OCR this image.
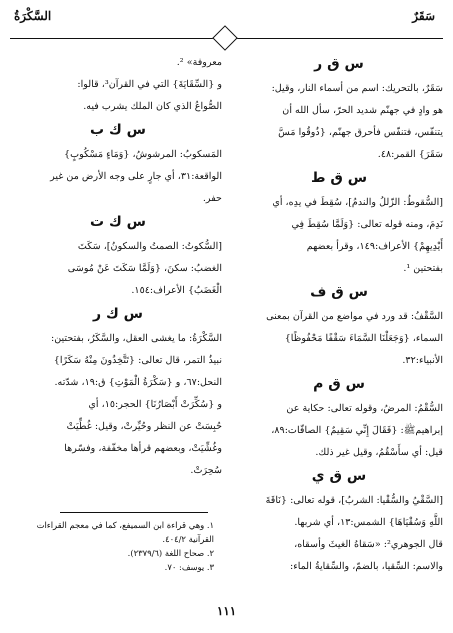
سَقَرٌ
السَّكْرَةُ
س ق ر

سَقَرٌ، بالتحريك: اسم من أسماء النار، وقيل:

هو وادٍ في جهنّم شديد الحرّ، سأل الله أن

يتنفّس، فتنفّس فأحرق جهنّم، {ذُوقُوا مَسَّ

سَقَرَ} القمر:٤٨.

س ق ط

[السُّقوطُ: الزّللُ والندمُ]، سُقِطَ في يدِه، أي

نَدِمَ، ومنه قوله تعالى: {وَلَمَّا سُقِطَ فِي

أَيْدِيهِمْ} الأعراف:١٤٩، وقرأ بعضهم

بفتحتين ¹.

س ق ف

السَّقْفُ: قد ورد في مواضع من القرآن بمعنى

السماء، {وَجَعَلْنَا السَّمَاءَ سَقْفًا مَحْفُوظًا}

الأنبياء:٣٢.

س ق م

السُّقْمُ: المرضُ، وقوله تعالى: حكاية عن

إبراهيمﷺ: {فَقَالَ إِنِّي سَقِيمٌ} الصافّات:٨٩،

قيل: أي سأَسْقُمُ، وقيل غير ذلك.

س ق ي

[السَّقْيُ والسُّقْيا: الشربُ]، قوله تعالى: {نَاقَةَ

اللَّهِ وَسُقْيَاهَا} الشمس:١٣، أي شربها.

قال الجوهري²: «سَقاهُ الغيثَ وأسقاه،

والاسم: السِّقيا، بالضمّ، والسِّقايةُ الماء:

معروفة» ².

و {السِّقَايَةَ} التي في القرآن³، قالوا:

الصُّواعُ الذي كان الملك يشرب فيه.

س ك ب

المَسكوبُ: المرشوشُ، {وَمَاءٍ مَسْكُوبٍ}

الواقعة:٣١، أي جارٍ على وجه الأرض من غير

حفر.

س ك ت

[السُّكوتُ: الصمتُ والسكونُ]، سَكَتَ

الغضبُ: سكنَ، {وَلَمَّا سَكَتَ عَنْ مُوسَى

الْغَضَبُ} الأعراف:١٥٤.

س ك ر

السَّكْرَةُ: ما يغشى العقل، والسَّكَرُ، بفتحتين:

نبيذُ التمر، قال تعالى: {تَتَّخِذُونَ مِنْهُ سَكَرًا}

النحل:٦٧، و {سَكْرَةُ الْمَوْتِ} ق:١٩، شدّته.

و {سُكِّرَتْ أَبْصَارُنَا} الحجر:١٥، أي

حُبِسَتْ عن النظر وحُيِّرتْ، وقيل: غُطِّيَتْ

وغُشِّيَتْ، وبعضهم قرأها مخفّفة، وفسّرها

سُحِرَتْ.

١. وهي قراءة ابن السميفع، كما في معجم القراءات

القرآنية ٤٠٤/٢.

٢. صحاح اللغة (٢٣٧٩/٦).

٣. يوسف: ٧٠.

١١١
